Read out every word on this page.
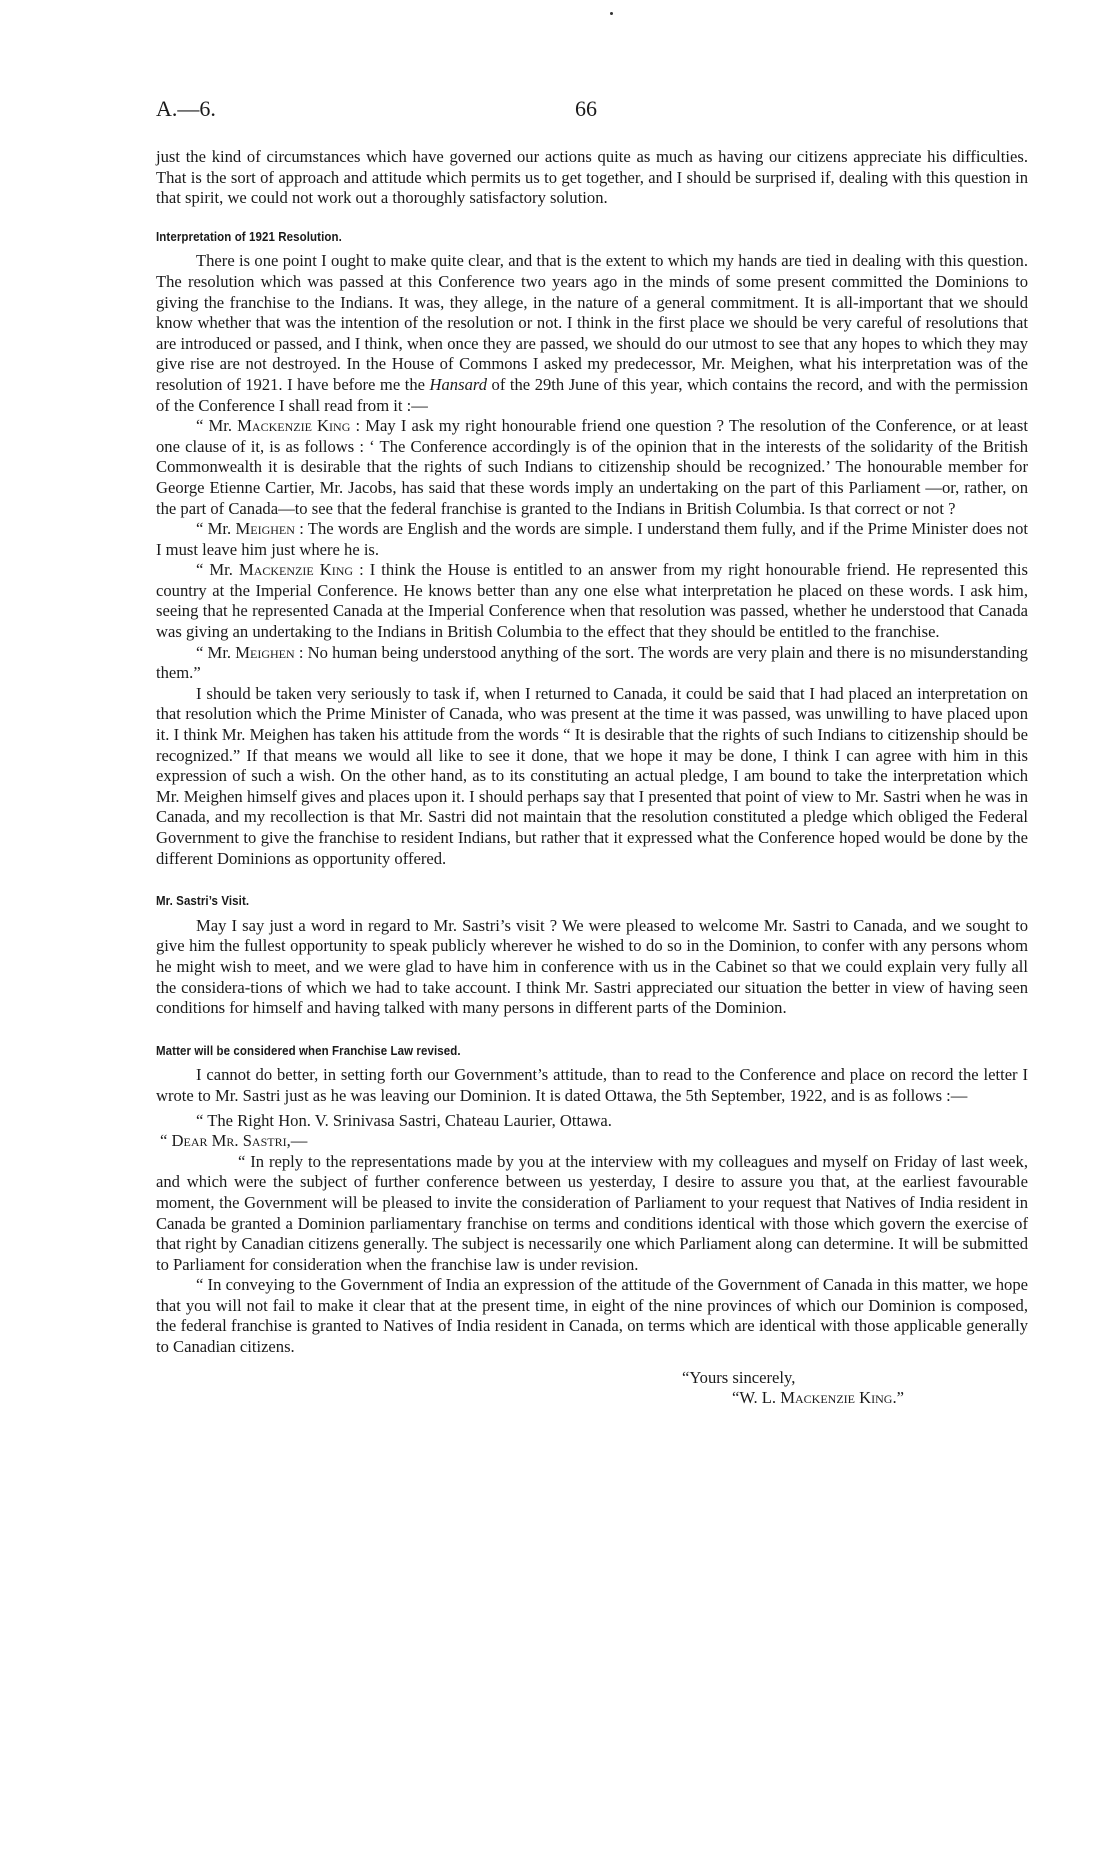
A.—6.	66
just the kind of circumstances which have governed our actions quite as much as having our citizens appreciate his difficulties. That is the sort of approach and attitude which permits us to get together, and I should be surprised if, dealing with this question in that spirit, we could not work out a thoroughly satisfactory solution.
Interpretation of 1921 Resolution.
There is one point I ought to make quite clear, and that is the extent to which my hands are tied in dealing with this question. The resolution which was passed at this Conference two years ago in the minds of some present committed the Dominions to giving the franchise to the Indians. It was, they allege, in the nature of a general commitment. It is all-important that we should know whether that was the intention of the resolution or not. I think in the first place we should be very careful of resolutions that are introduced or passed, and I think, when once they are passed, we should do our utmost to see that any hopes to which they may give rise are not destroyed. In the House of Commons I asked my predecessor, Mr. Meighen, what his interpretation was of the resolution of 1921. I have before me the Hansard of the 29th June of this year, which contains the record, and with the permission of the Conference I shall read from it :—
“ Mr. Mackenzie King : May I ask my right honourable friend one question ? The resolution of the Conference, or at least one clause of it, is as follows : ‘ The Conference accordingly is of the opinion that in the interests of the solidarity of the British Commonwealth it is desirable that the rights of such Indians to citizenship should be recognized.’ The honourable member for George Etienne Cartier, Mr. Jacobs, has said that these words imply an undertaking on the part of this Parliament —or, rather, on the part of Canada—to see that the federal franchise is granted to the Indians in British Columbia. Is that correct or not ?
“ Mr. Meighen : The words are English and the words are simple. I understand them fully, and if the Prime Minister does not I must leave him just where he is.
“ Mr. Mackenzie King : I think the House is entitled to an answer from my right honourable friend. He represented this country at the Imperial Conference. He knows better than any one else what interpretation he placed on these words. I ask him, seeing that he represented Canada at the Imperial Conference when that resolution was passed, whether he understood that Canada was giving an undertaking to the Indians in British Columbia to the effect that they should be entitled to the franchise.
“ Mr. Meighen : No human being understood anything of the sort. The words are very plain and there is no misunderstanding them.”
I should be taken very seriously to task if, when I returned to Canada, it could be said that I had placed an interpretation on that resolution which the Prime Minister of Canada, who was present at the time it was passed, was unwilling to have placed upon it. I think Mr. Meighen has taken his attitude from the words “ It is desirable that the rights of such Indians to citizenship should be recognized.” If that means we would all like to see it done, that we hope it may be done, I think I can agree with him in this expression of such a wish. On the other hand, as to its constituting an actual pledge, I am bound to take the interpretation which Mr. Meighen himself gives and places upon it. I should perhaps say that I presented that point of view to Mr. Sastri when he was in Canada, and my recollection is that Mr. Sastri did not maintain that the resolution constituted a pledge which obliged the Federal Government to give the franchise to resident Indians, but rather that it expressed what the Conference hoped would be done by the different Dominions as opportunity offered.
Mr. Sastri’s Visit.
May I say just a word in regard to Mr. Sastri’s visit ? We were pleased to welcome Mr. Sastri to Canada, and we sought to give him the fullest opportunity to speak publicly wherever he wished to do so in the Dominion, to confer with any persons whom he might wish to meet, and we were glad to have him in conference with us in the Cabinet so that we could explain very fully all the considera-tions of which we had to take account. I think Mr. Sastri appreciated our situation the better in view of having seen conditions for himself and having talked with many persons in different parts of the Dominion.
Matter will be considered when Franchise Law revised.
I cannot do better, in setting forth our Government’s attitude, than to read to the Conference and place on record the letter I wrote to Mr. Sastri just as he was leaving our Dominion. It is dated Ottawa, the 5th September, 1922, and is as follows :—
“ The Right Hon. V. Srinivasa Sastri, Chateau Laurier, Ottawa.
“ Dear Mr. Sastri,—
“ In reply to the representations made by you at the interview with my colleagues and myself on Friday of last week, and which were the subject of further conference between us yesterday, I desire to assure you that, at the earliest favourable moment, the Government will be pleased to invite the consideration of Parliament to your request that Natives of India resident in Canada be granted a Dominion parliamentary franchise on terms and conditions identical with those which govern the exercise of that right by Canadian citizens generally. The subject is necessarily one which Parliament along can determine. It will be submitted to Parliament for consideration when the franchise law is under revision.
“ In conveying to the Government of India an expression of the attitude of the Government of Canada in this matter, we hope that you will not fail to make it clear that at the present time, in eight of the nine provinces of which our Dominion is composed, the federal franchise is granted to Natives of India resident in Canada, on terms which are identical with those applicable generally to Canadian citizens.
“Yours sincerely,
“W. L. Mackenzie King.”
